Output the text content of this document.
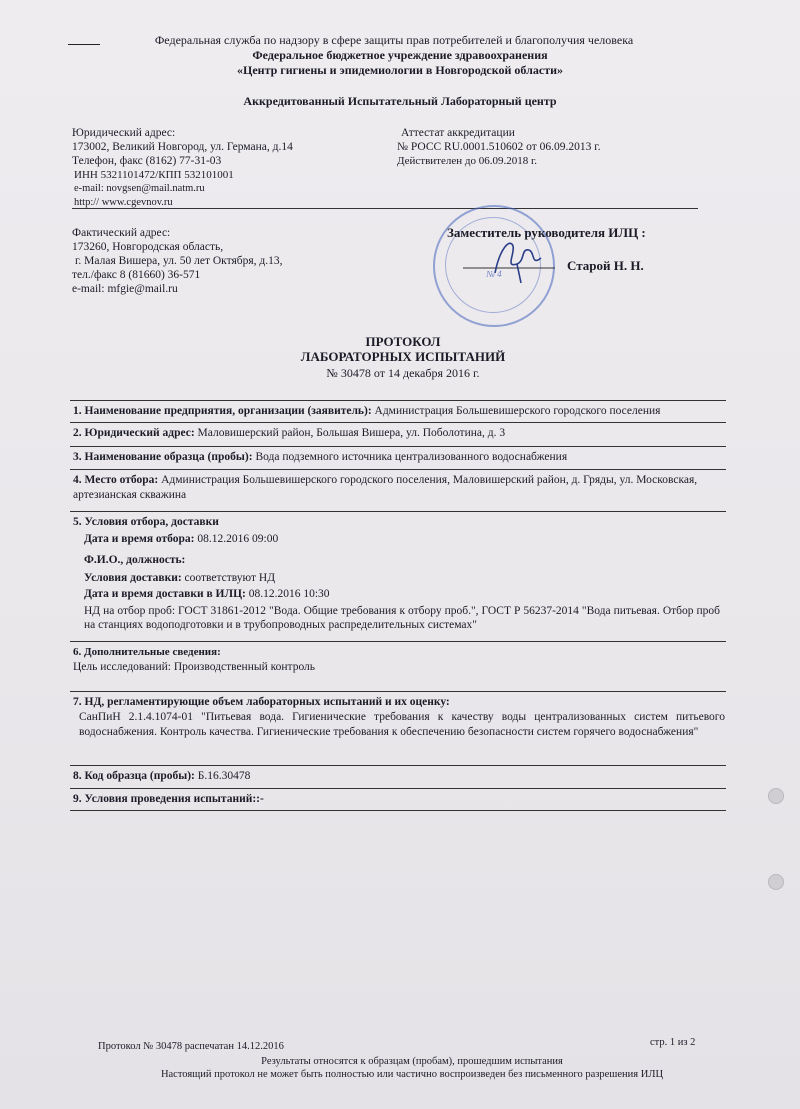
Федеральная служба по надзору в сфере защиты прав потребителей и благополучия человека
Федеральное бюджетное учреждение здравоохранения
«Центр гигиены и эпидемиологии в Новгородской области»
Аккредитованный Испытательный Лабораторный центр
Юридический адрес:
173002, Великий Новгород, ул. Германа, д.14
Телефон, факс (8162) 77-31-03
ИНН 5321101472/КПП 532101001
e-mail: novgsen@mail.natm.ru
http:// www.cgevnov.ru
Аттестат аккредитации
№ РОСС RU.0001.510602 от 06.09.2013 г.
Действителен до 06.09.2018 г.
Фактический адрес:
173260, Новгородская область,
г. Малая Вишера, ул. 50 лет Октября, д.13,
тел./факс 8 (81660) 36-571
e-mail: mfgie@mail.ru
№ 4
Заместитель руководителя ИЛЦ :
Старой Н. Н.
ПРОТОКОЛ
ЛАБОРАТОРНЫХ ИСПЫТАНИЙ
№ 30478 от 14 декабря 2016 г.
1. Наименование предприятия, организации (заявитель): Администрация Большевишерского городского поселения
2. Юридический адрес: Маловишерский район, Большая Вишера, ул. Поболотина, д. 3
3. Наименование образца (пробы): Вода подземного источника централизованного водоснабжения
4. Место отбора: Администрация Большевишерского городского поселения, Маловишерский район, д. Гряды, ул. Московская, артезианская скважина
5. Условия отбора, доставки
Дата и время отбора: 08.12.2016 09:00
Ф.И.О., должность:
Условия доставки: соответствуют НД
Дата и время доставки в ИЛЦ: 08.12.2016 10:30
НД на отбор проб: ГОСТ 31861-2012 "Вода. Общие требования к отбору проб.", ГОСТ Р 56237-2014 "Вода питьевая. Отбор проб на станциях водоподготовки и в трубопроводных распределительных системах"
6. Дополнительные сведения:
Цель исследований: Производственный контроль
7. НД, регламентирующие объем лабораторных испытаний и их оценку:
СанПиН 2.1.4.1074-01 "Питьевая вода. Гигиенические требования к качеству воды централизованных систем питьевого водоснабжения. Контроль качества. Гигиенические требования к обеспечению безопасности систем горячего водоснабжения"
8. Код образца (пробы): Б.16.30478
9. Условия проведения испытаний::-
Протокол № 30478 распечатан 14.12.2016	стр. 1 из 2
Результаты относятся к образцам (пробам), прошедшим испытания
Настоящий протокол не может быть полностью или частично воспроизведен без письменного разрешения ИЛЦ
